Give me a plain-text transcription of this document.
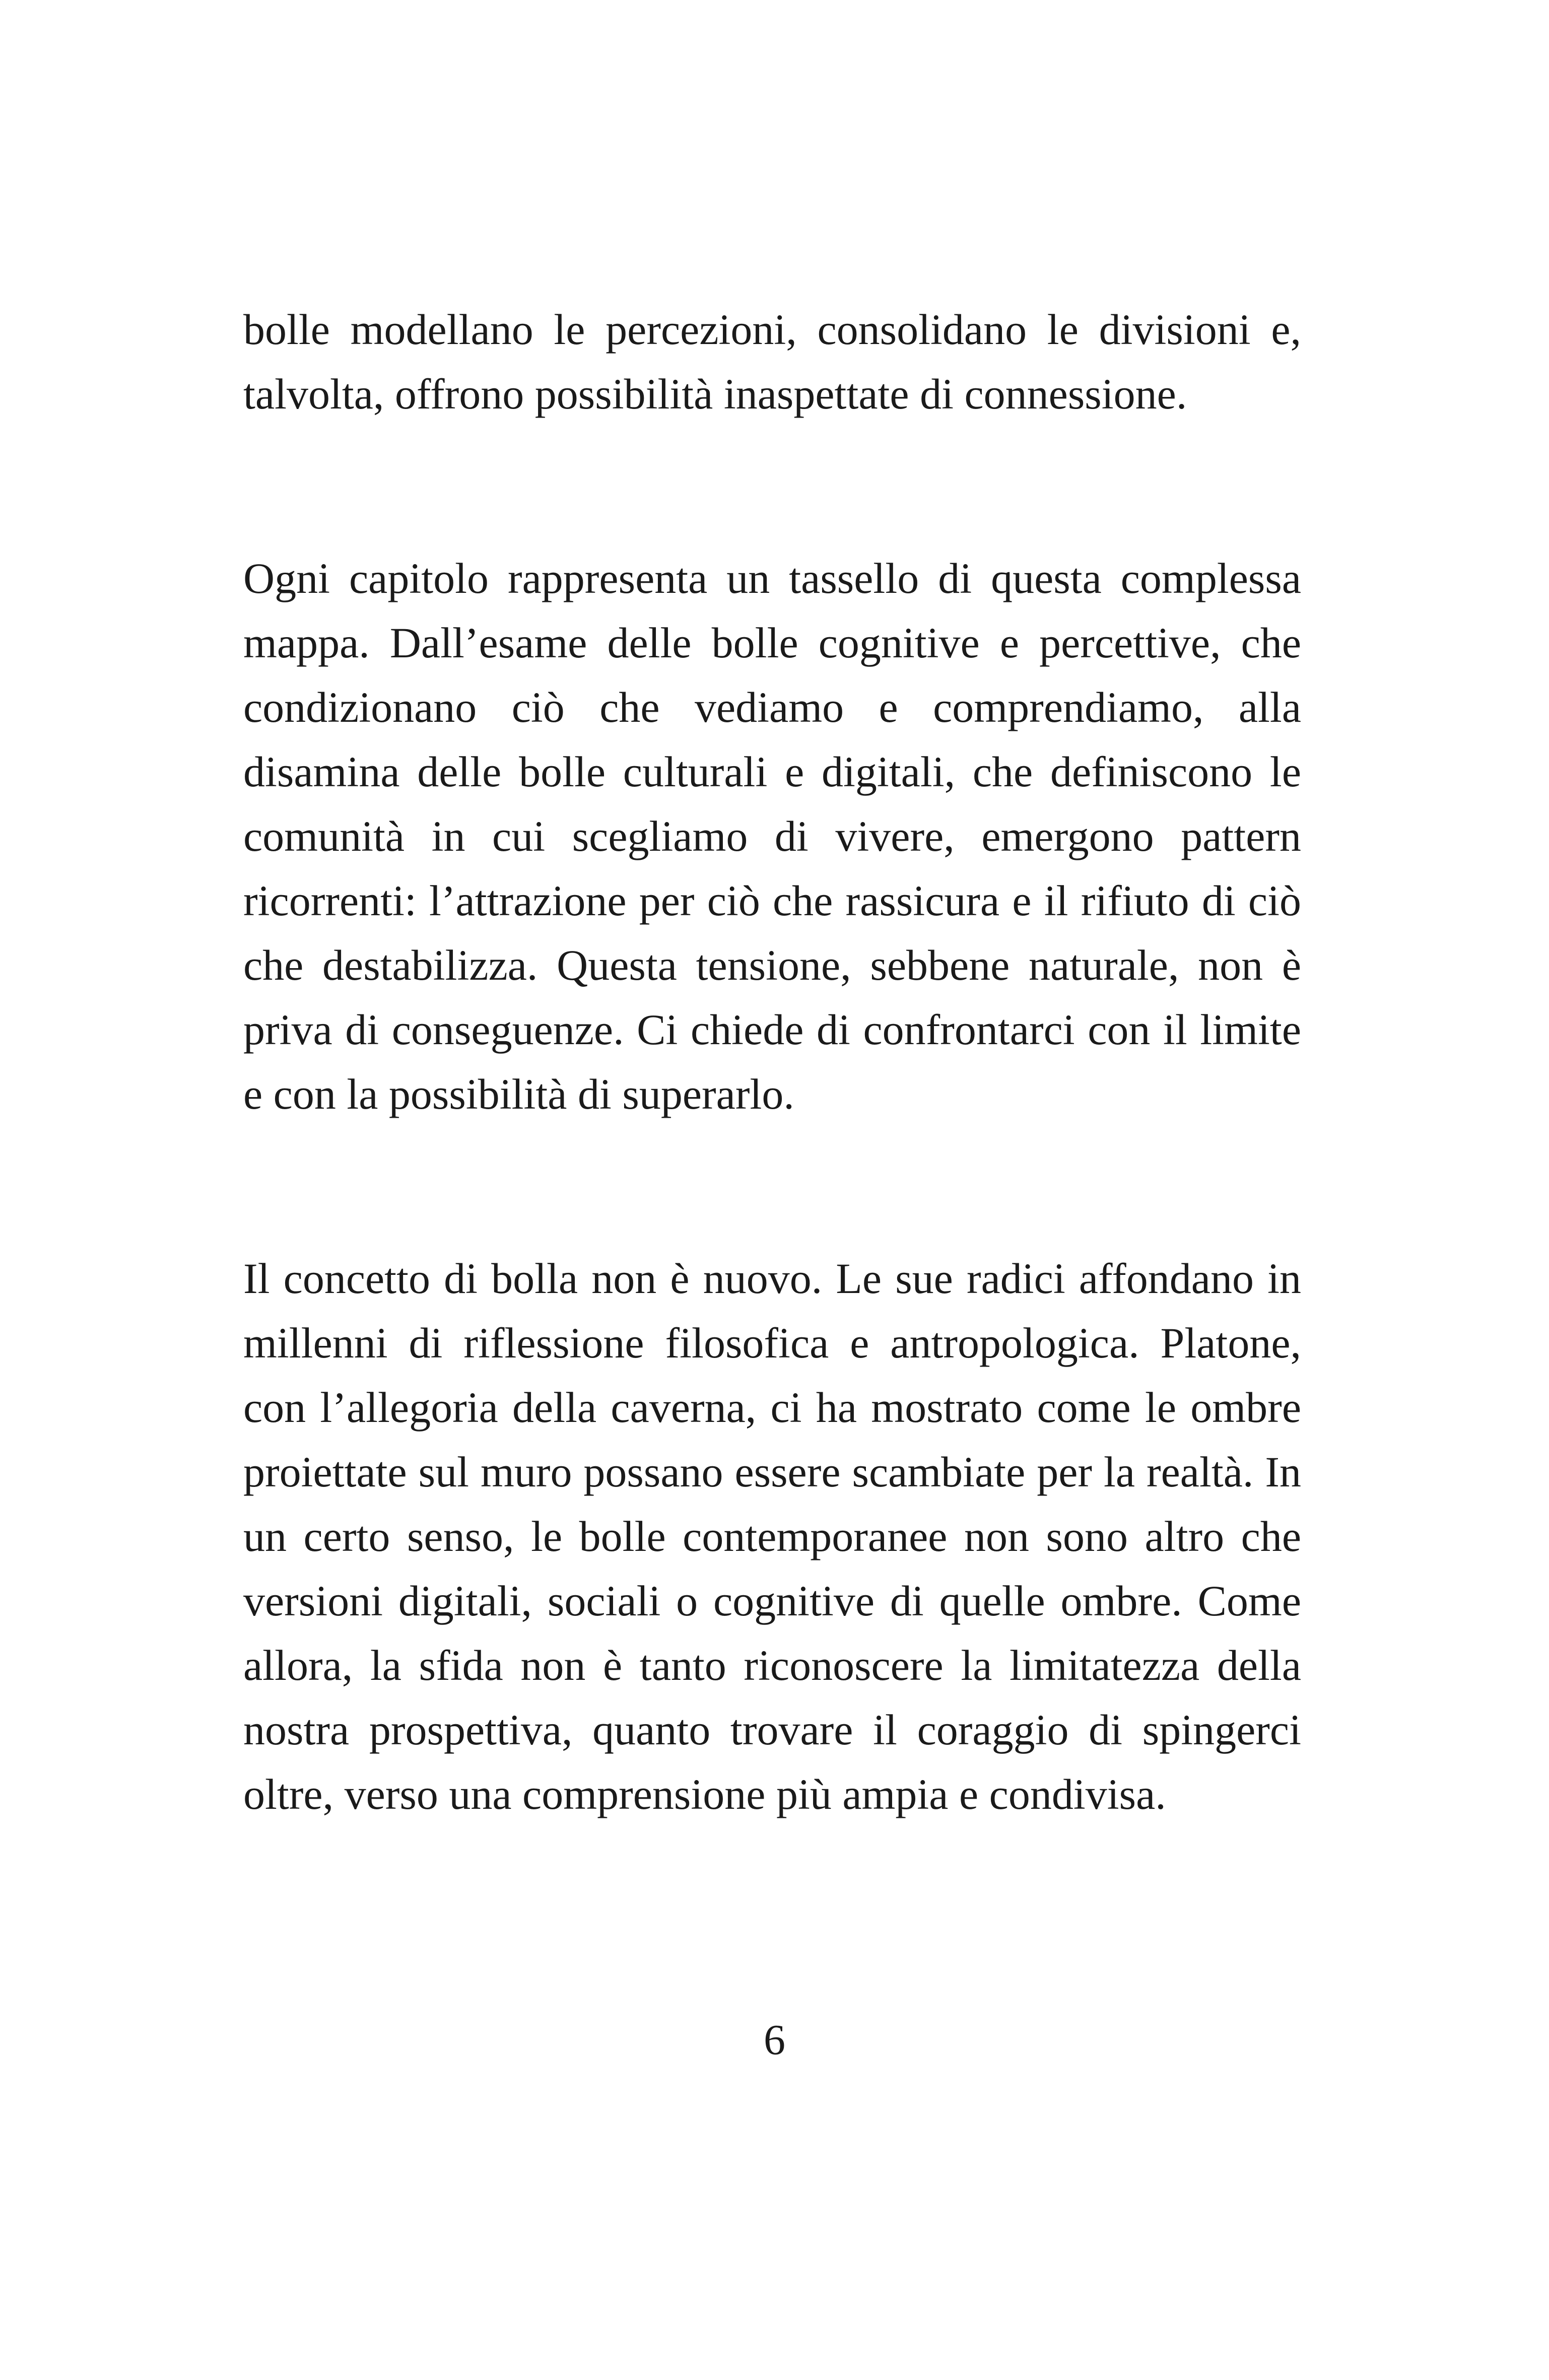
bolle modellano le percezioni, consolidano le divisioni e, talvolta, offrono possibilità inaspettate di connessione.

Ogni capitolo rappresenta un tassello di questa complessa mappa. Dall’esame delle bolle cognitive e percettive, che condizionano ciò che vediamo e comprendiamo, alla disamina delle bolle culturali e digitali, che definiscono le comunità in cui scegliamo di vivere, emergono pattern ricorrenti: l’attrazione per ciò che rassicura e il rifiuto di ciò che destabilizza. Questa tensione, sebbene naturale, non è priva di conseguenze. Ci chiede di confrontarci con il limite e con la possibilità di superarlo.

Il concetto di bolla non è nuovo. Le sue radici affondano in millenni di riflessione filosofica e antropologica. Platone, con l’allegoria della caverna, ci ha mostrato come le ombre proiettate sul muro possano essere scambiate per la realtà. In un certo senso, le bolle contemporanee non sono altro che versioni digitali, sociali o cognitive di quelle ombre. Come allora, la sfida non è tanto riconoscere la limitatezza della nostra prospettiva, quanto trovare il coraggio di spingerci oltre, verso una comprensione più ampia e condivisa.

6
